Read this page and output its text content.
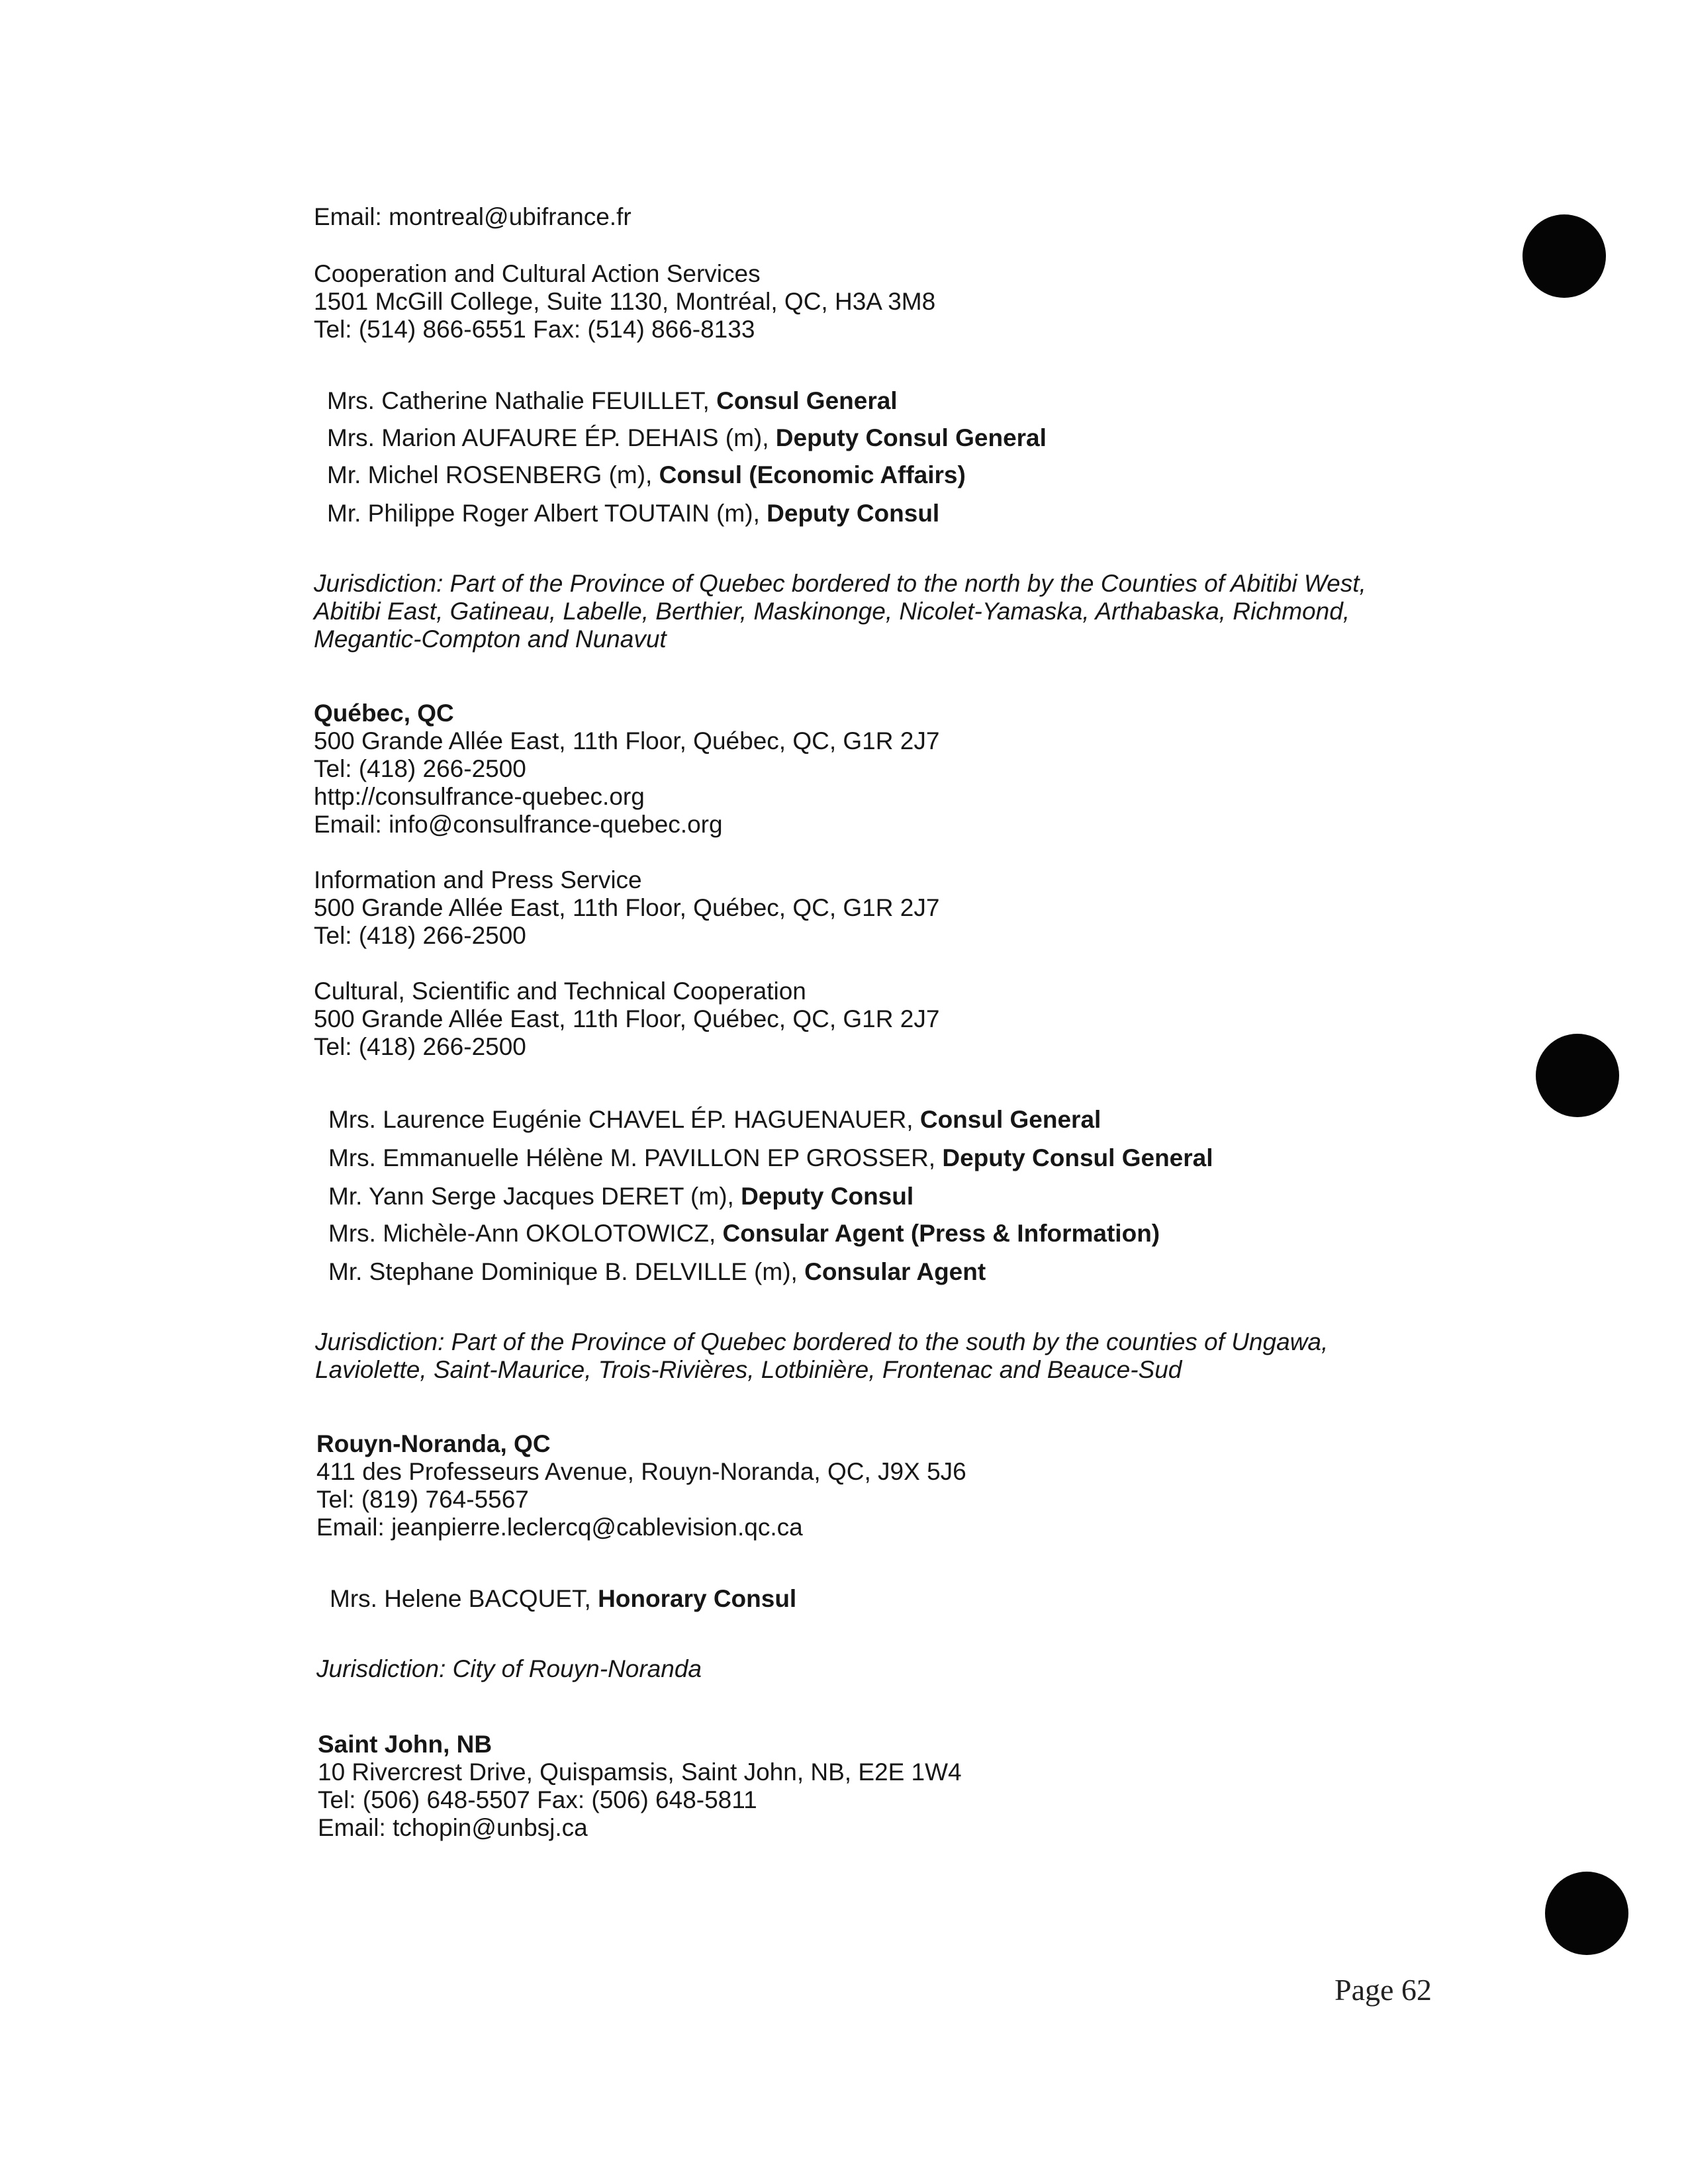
Email: montreal@ubifrance.fr
Cooperation and Cultural Action Services
1501 McGill College, Suite 1130, Montréal, QC, H3A 3M8
Tel: (514) 866-6551 Fax: (514) 866-8133
Mrs. Catherine Nathalie FEUILLET, Consul General
Mrs. Marion AUFAURE ÉP. DEHAIS (m), Deputy Consul General
Mr. Michel ROSENBERG (m), Consul (Economic Affairs)
Mr. Philippe Roger Albert TOUTAIN (m), Deputy Consul
Jurisdiction: Part of the Province of Quebec bordered to the north by the Counties of Abitibi West,
Abitibi East, Gatineau, Labelle, Berthier, Maskinonge, Nicolet-Yamaska, Arthabaska, Richmond,
Megantic-Compton and Nunavut
Québec, QC
500 Grande Allée East, 11th Floor, Québec, QC, G1R 2J7
Tel: (418) 266-2500
http://consulfrance-quebec.org
Email: info@consulfrance-quebec.org
Information and Press Service
500 Grande Allée East, 11th Floor, Québec, QC, G1R 2J7
Tel: (418) 266-2500
Cultural, Scientific and Technical Cooperation
500 Grande Allée East, 11th Floor, Québec, QC, G1R 2J7
Tel: (418) 266-2500
Mrs. Laurence Eugénie CHAVEL ÉP. HAGUENAUER, Consul General
Mrs. Emmanuelle Hélène M. PAVILLON EP GROSSER, Deputy Consul General
Mr. Yann Serge Jacques DERET (m), Deputy Consul
Mrs. Michèle-Ann OKOLOTOWICZ, Consular Agent (Press & Information)
Mr. Stephane Dominique B. DELVILLE (m), Consular Agent
Jurisdiction: Part of the Province of Quebec bordered to the south by the counties of Ungawa,
Laviolette, Saint-Maurice, Trois-Rivières, Lotbinière, Frontenac and Beauce-Sud
Rouyn-Noranda, QC
411 des Professeurs Avenue, Rouyn-Noranda, QC, J9X 5J6
Tel: (819) 764-5567
Email: jeanpierre.leclercq@cablevision.qc.ca
Mrs. Helene BACQUET, Honorary Consul
Jurisdiction: City of Rouyn-Noranda
Saint John, NB
10 Rivercrest Drive, Quispamsis, Saint John, NB, E2E 1W4
Tel: (506) 648-5507 Fax: (506) 648-5811
Email: tchopin@unbsj.ca
Page 62
